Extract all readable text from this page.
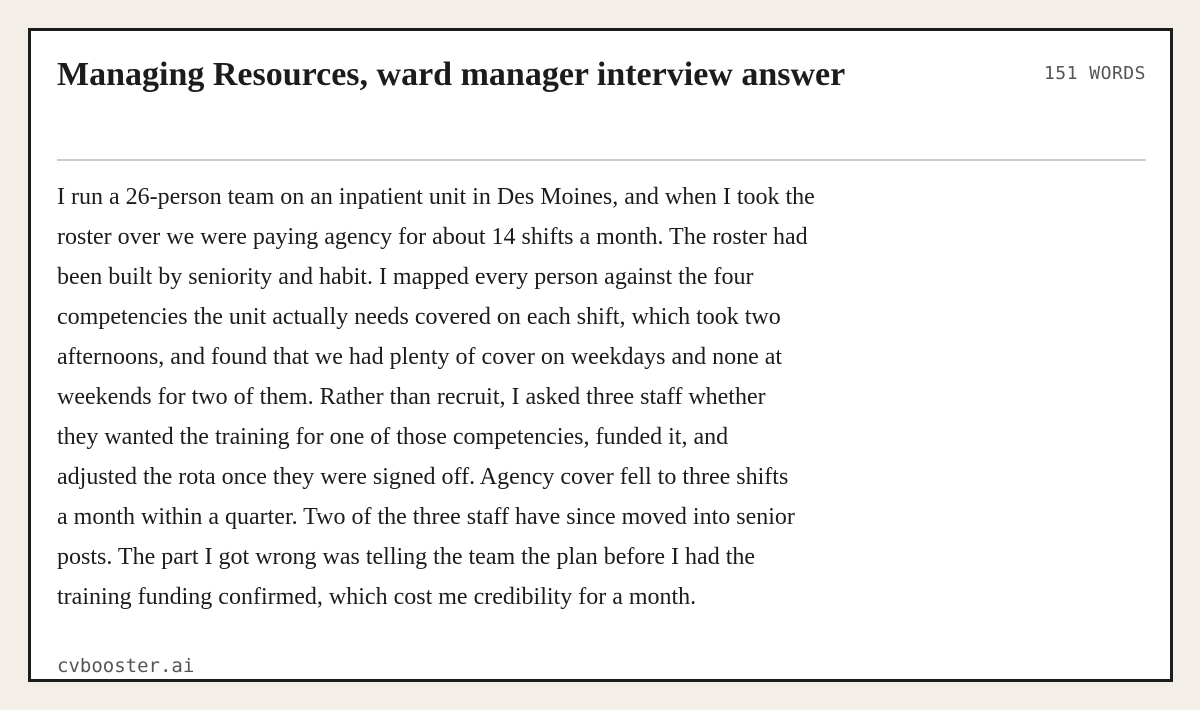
Managing Resources, ward manager interview answer	151 WORDS

I run a 26-person team on an inpatient unit in Des Moines, and when I took the
roster over we were paying agency for about 14 shifts a month. The roster had
been built by seniority and habit. I mapped every person against the four
competencies the unit actually needs covered on each shift, which took two
afternoons, and found that we had plenty of cover on weekdays and none at
weekends for two of them. Rather than recruit, I asked three staff whether
they wanted the training for one of those competencies, funded it, and
adjusted the rota once they were signed off. Agency cover fell to three shifts
a month within a quarter. Two of the three staff have since moved into senior
posts. The part I got wrong was telling the team the plan before I had the
training funding confirmed, which cost me credibility for a month.

cvbooster.ai
